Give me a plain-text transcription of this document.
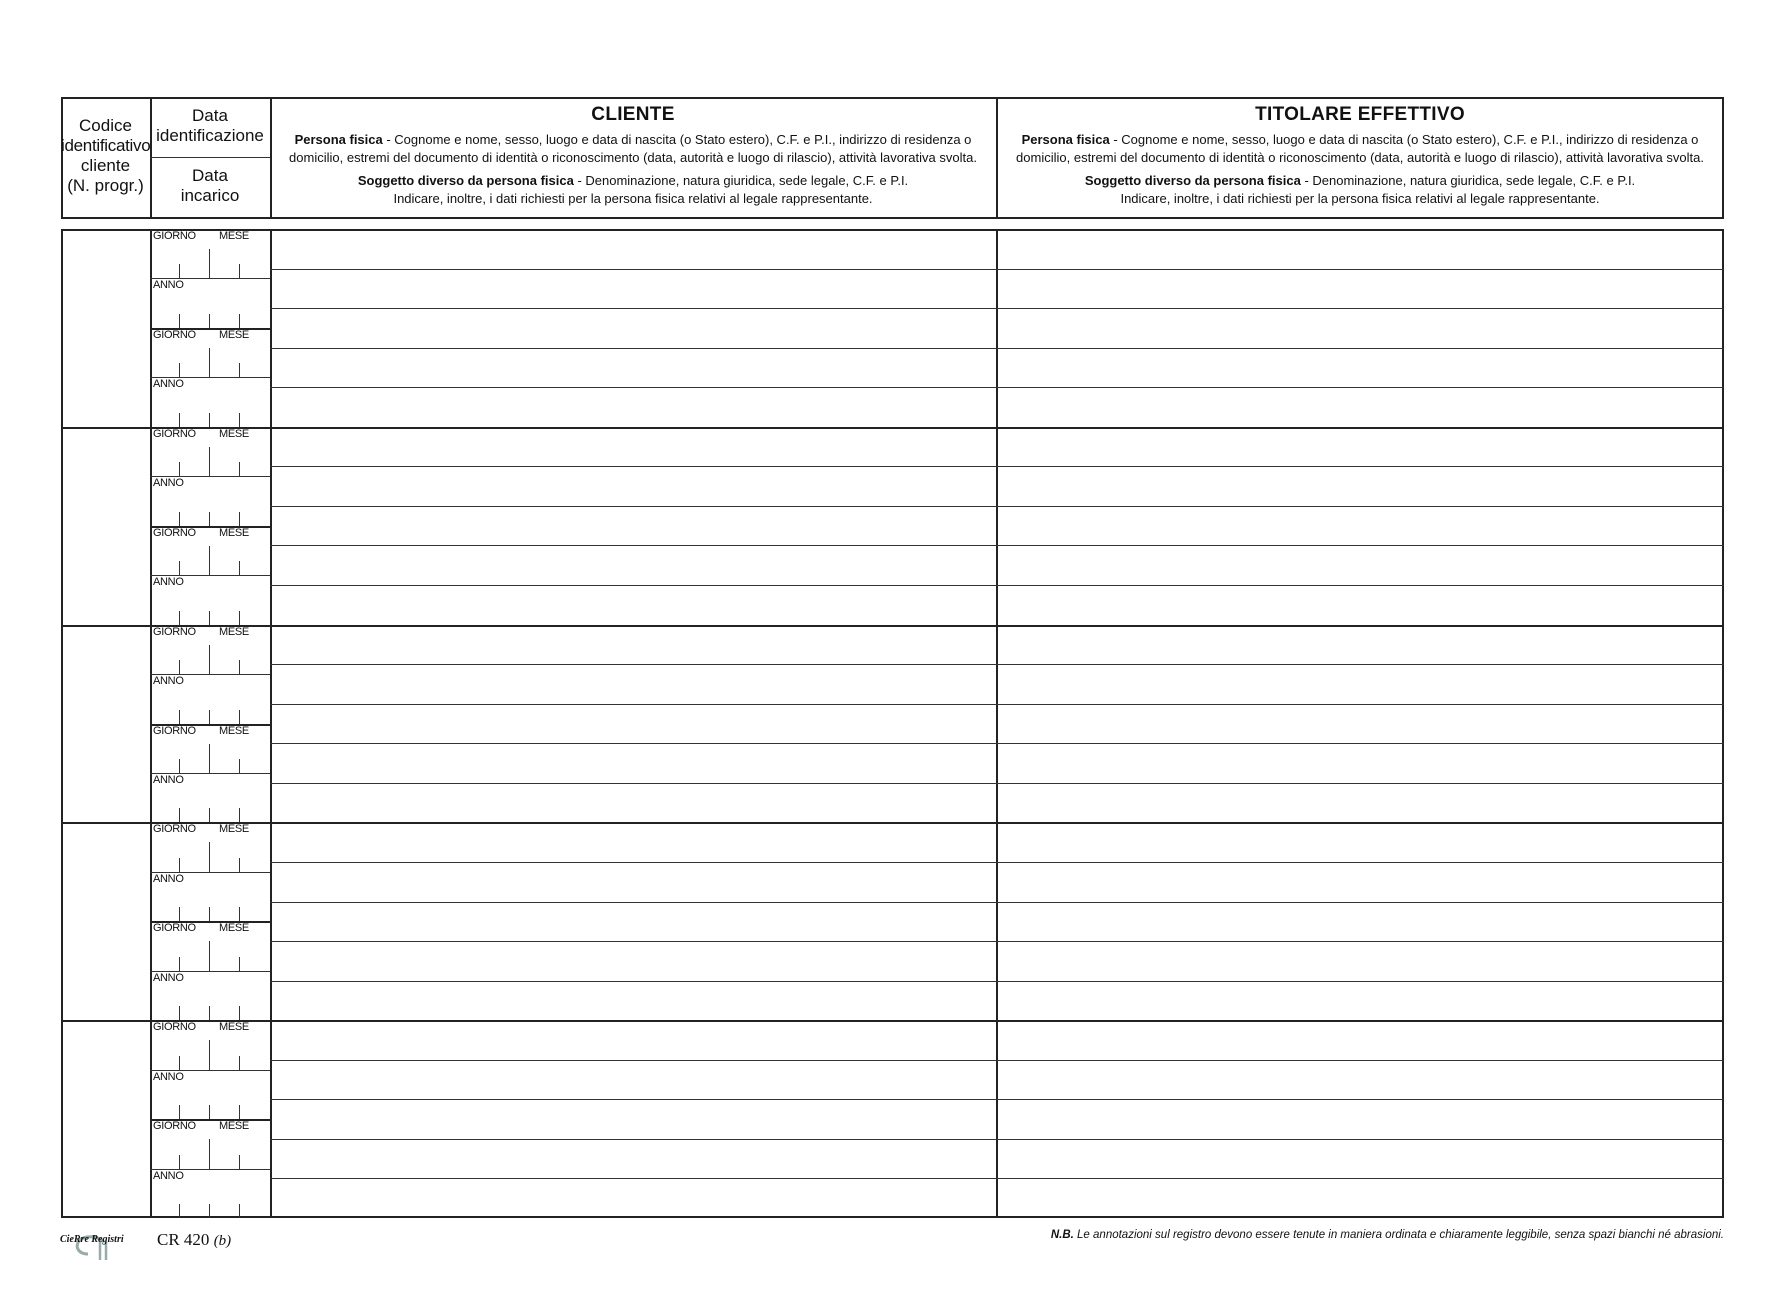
Codice
identificativo
cliente
(N. progr.)
Data
identificazione
Data
incarico
CLIENTE
Persona fisica - Cognome e nome, sesso, luogo e data di nascita (o Stato estero), C.F. e P.I., indirizzo di residenza o
domicilio, estremi del documento di identità o riconoscimento (data, autorità e luogo di rilascio), attività lavorativa svolta.
Soggetto diverso da persona fisica - Denominazione, natura giuridica, sede legale, C.F. e P.I.
Indicare, inoltre, i dati richiesti per la persona fisica relativi al legale rappresentante.
TITOLARE EFFETTIVO
Persona fisica - Cognome e nome, sesso, luogo e data di nascita (o Stato estero), C.F. e P.I., indirizzo di residenza o
domicilio, estremi del documento di identità o riconoscimento (data, autorità e luogo di rilascio), attività lavorativa svolta.
Soggetto diverso da persona fisica - Denominazione, natura giuridica, sede legale, C.F. e P.I.
Indicare, inoltre, i dati richiesti per la persona fisica relativi al legale rappresentante.
GIORNO MESE
ANNO
GIORNO MESE
ANNO
GIORNO MESE
ANNO
GIORNO MESE
ANNO
GIORNO MESE
ANNO
GIORNO MESE
ANNO
GIORNO MESE
ANNO
GIORNO MESE
ANNO
GIORNO MESE
ANNO
GIORNO MESE
ANNO
CieRre Registri CR 420 (b)	N.B. Le annotazioni sul registro devono essere tenute in maniera ordinata e chiaramente leggibile, senza spazi bianchi né abrasioni.
